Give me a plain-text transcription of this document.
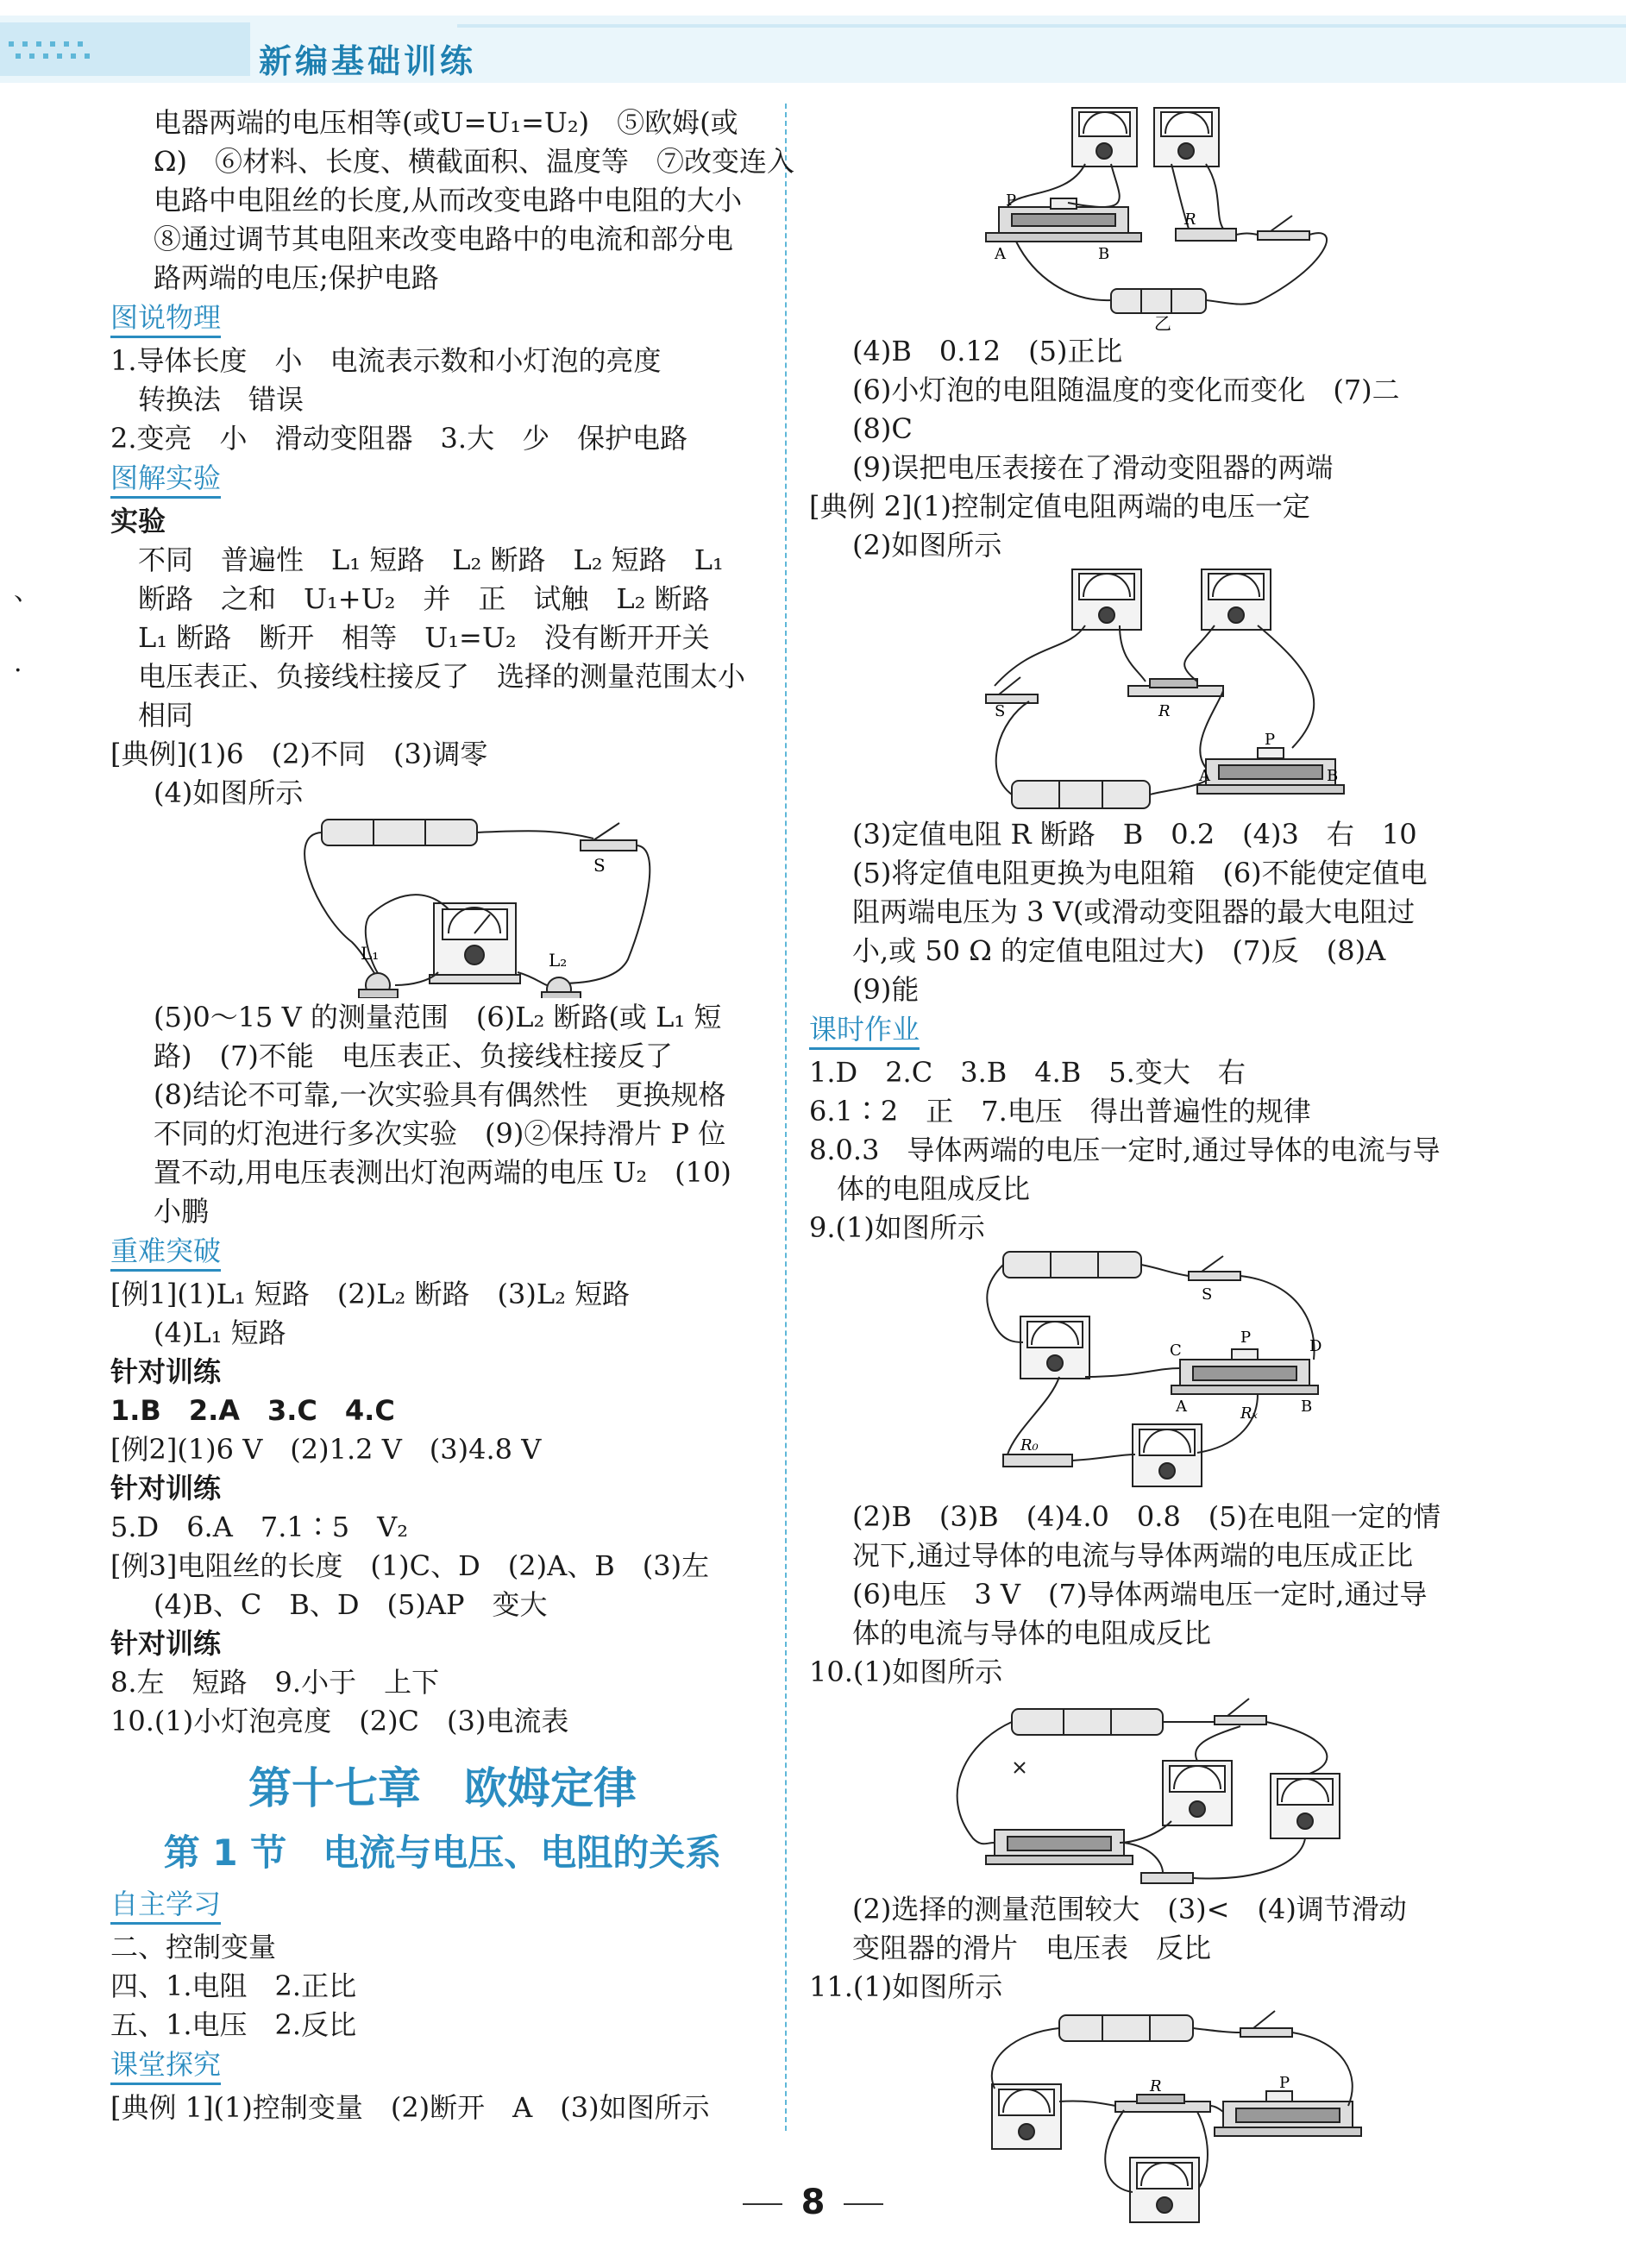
新编基础训练
、
·
电器两端的电压相等(或U=U₁=U₂)　⑤欧姆(或
Ω)　⑥材料、长度、横截面积、温度等　⑦改变连入
电路中电阻丝的长度,从而改变电路中电阻的大小
⑧通过调节其电阻来改变电路中的电流和部分电
路两端的电压;保护电路
图说物理
1.导体长度　小　电流表示数和小灯泡的亮度
　转换法　错误
2.变亮　小　滑动变阻器　3.大　少　保护电路
图解实验
实验
　不同　普遍性　L₁ 短路　L₂ 断路　L₂ 短路　L₁
　断路　之和　U₁+U₂　并　正　试触　L₂ 断路
　L₁ 断路　断开　相等　U₁=U₂　没有断开开关
　电压表正、负接线柱接反了　选择的测量范围太小
　相同
[典例](1)6　(2)不同　(3)调零
(4)如图所示
S
L₁	L₂
(5)0～15 V 的测量范围　(6)L₂ 断路(或 L₁ 短
路)　(7)不能　电压表正、负接线柱接反了
(8)结论不可靠,一次实验具有偶然性　更换规格
不同的灯泡进行多次实验　(9)②保持滑片 P 位
置不动,用电压表测出灯泡两端的电压 U₂　(10)
小鹏
重难突破
[例1](1)L₁ 短路　(2)L₂ 断路　(3)L₂ 短路
(4)L₁ 短路
针对训练
1.B　2.A　3.C　4.C
[例2](1)6 V　(2)1.2 V　(3)4.8 V
针对训练
5.D　6.A　7.1∶5　V₂
[例3]电阻丝的长度　(1)C、D　(2)A、B　(3)左
(4)B、C　B、D　(5)AP　变大
针对训练
8.左　短路　9.小于　上下
10.(1)小灯泡亮度　(2)C　(3)电流表
第十七章　欧姆定律
第 1 节　电流与电压、电阻的关系
自主学习
二、控制变量
四、1.电阻　2.正比
五、1.电压　2.反比
课堂探究
[典例 1](1)控制变量　(2)断开　A　(3)如图所示
P
A	B
R
乙
(4)B　0.12　(5)正比
(6)小灯泡的电阻随温度的变化而变化　(7)二
(8)C
(9)误把电压表接在了滑动变阻器的两端
[典例 2](1)控制定值电阻两端的电压一定
(2)如图所示
S	R
P
A	B
(3)定值电阻 R 断路　B　0.2　(4)3　右　10
(5)将定值电阻更换为电阻箱　(6)不能使定值电
阻两端电压为 3 V(或滑动变阻器的最大电阻过
小,或 50 Ω 的定值电阻过大)　(7)反　(8)A
(9)能
课时作业
1.D　2.C　3.B　4.B　5.变大　右
6.1∶2　正　7.电压　得出普遍性的规律
8.0.3　导体两端的电压一定时,通过导体的电流与导
　体的电阻成反比
9.(1)如图所示
S
C
P	D
A	B
Rₓ
R₀
(2)B　(3)B　(4)4.0　0.8　(5)在电阻一定的情
况下,通过导体的电流与导体两端的电压成正比
(6)电压　3 V　(7)导体两端电压一定时,通过导
体的电流与导体的电阻成反比
10.(1)如图所示
(2)选择的测量范围较大　(3)<　(4)调节滑动
变阻器的滑片　电压表　反比
11.(1)如图所示
R	P
8
